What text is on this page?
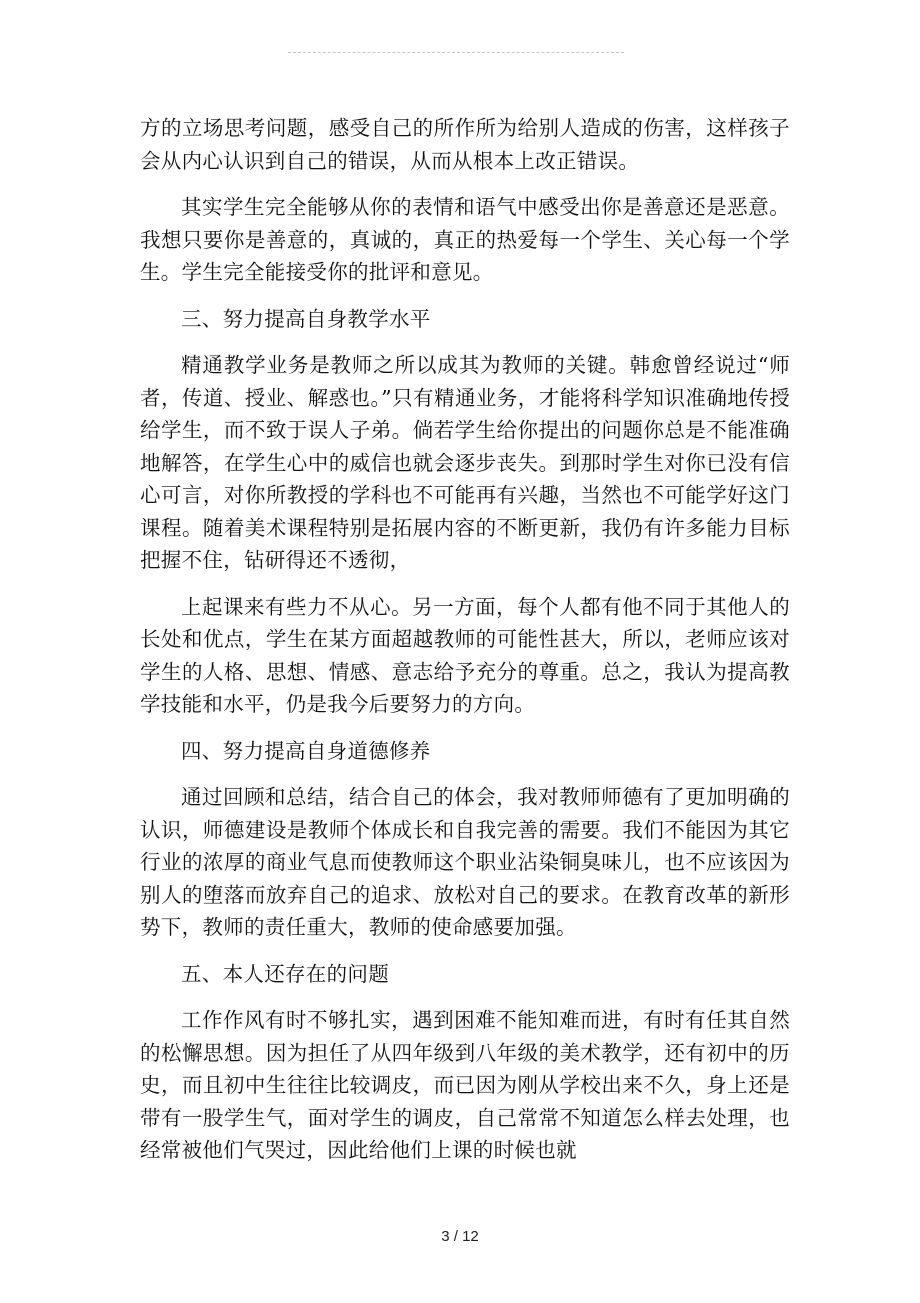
方的立场思考问题，感受自己的所作所为给别人造成的伤害，这样孩子会从内心认识到自己的错误，从而从根本上改正错误。

其实学生完全能够从你的表情和语气中感受出你是善意还是恶意。我想只要你是善意的，真诚的，真正的热爱每一个学生、关心每一个学生。学生完全能接受你的批评和意见。

三、努力提高自身教学水平

精通教学业务是教师之所以成其为教师的关键。韩愈曾经说过“师者，传道、授业、解惑也。”只有精通业务，才能将科学知识准确地传授给学生，而不致于误人子弟。倘若学生给你提出的问题你总是不能准确地解答，在学生心中的威信也就会逐步丧失。到那时学生对你已没有信心可言，对你所教授的学科也不可能再有兴趣，当然也不可能学好这门课程。随着美术课程特别是拓展内容的不断更新，我仍有许多能力目标把握不住，钻研得还不透彻，

上起课来有些力不从心。另一方面，每个人都有他不同于其他人的长处和优点，学生在某方面超越教师的可能性甚大，所以，老师应该对学生的人格、思想、情感、意志给予充分的尊重。总之，我认为提高教学技能和水平，仍是我今后要努力的方向。

四、努力提高自身道德修养

通过回顾和总结，结合自己的体会，我对教师师德有了更加明确的认识，师德建设是教师个体成长和自我完善的需要。我们不能因为其它行业的浓厚的商业气息而使教师这个职业沾染铜臭味儿，也不应该因为别人的堕落而放弃自己的追求、放松对自己的要求。在教育改革的新形势下，教师的责任重大，教师的使命感要加强。

五、本人还存在的问题

工作作风有时不够扎实，遇到困难不能知难而进，有时有任其自然的松懈思想。因为担任了从四年级到八年级的美术教学，还有初中的历史，而且初中生往往比较调皮，而已因为刚从学校出来不久，身上还是带有一股学生气，面对学生的调皮，自己常常不知道怎么样去处理，也经常被他们气哭过，因此给他们上课的时候也就

3 / 12
